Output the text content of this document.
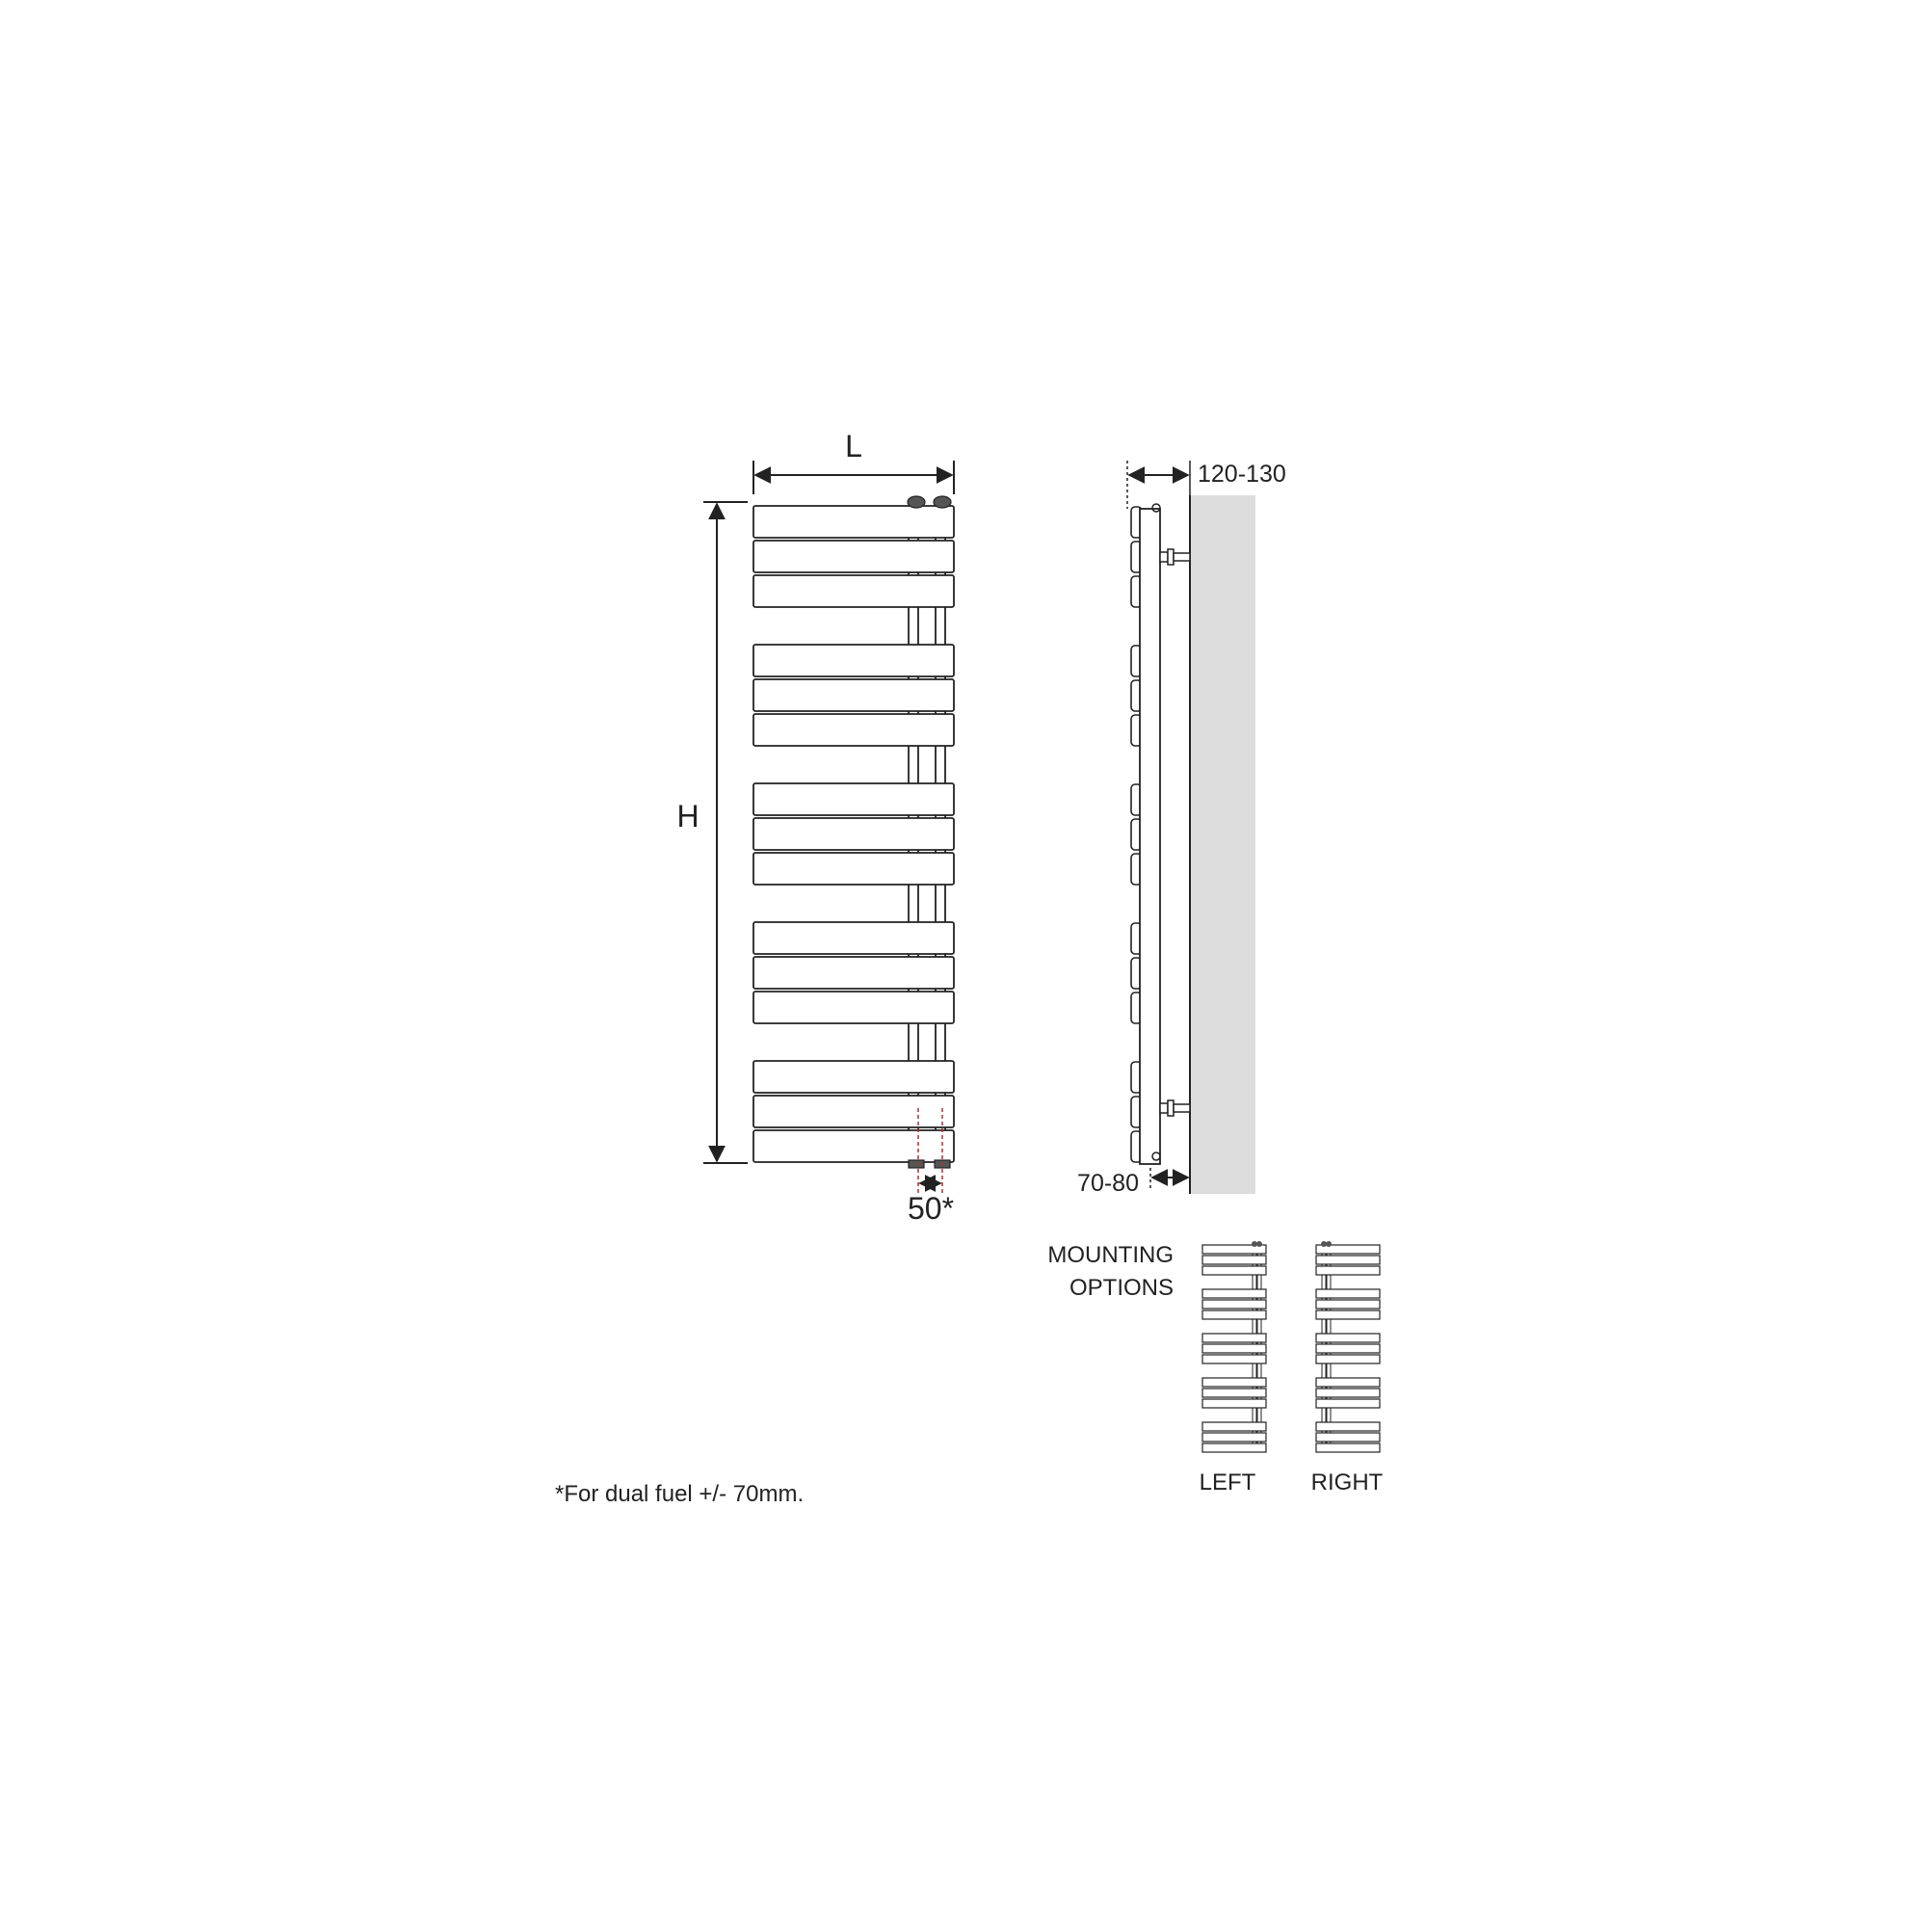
L
H
50*
120-130
70-80
MOUNTING
OPTIONS
LEFT RIGHT
*For dual fuel +/- 70mm.
